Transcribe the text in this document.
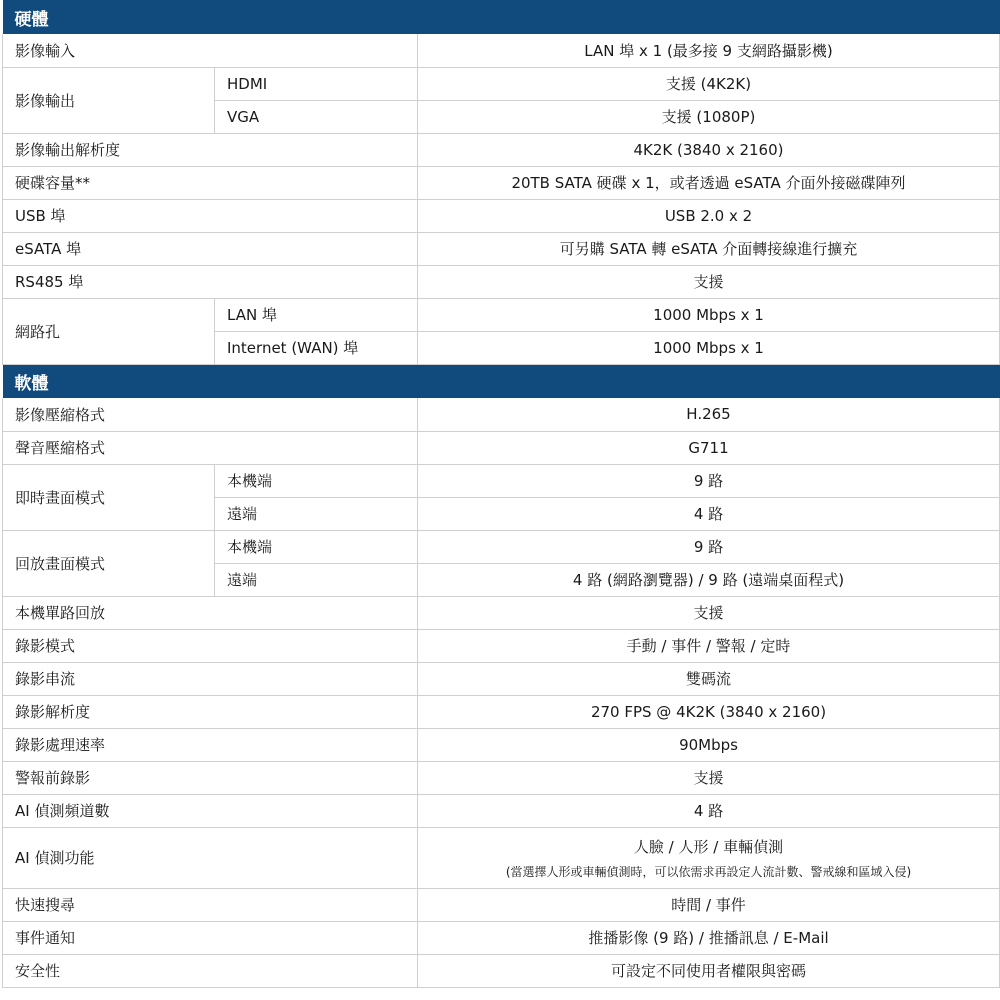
硬體		
影像輸入		LAN 埠 x 1 (最多接 9 支網路攝影機)
影像輸出	HDMI	支援 (4K2K)
	VGA	支援 (1080P)
影像輸出解析度		4K2K (3840 x 2160)
硬碟容量**		20TB SATA 硬碟 x 1，或者透過 eSATA 介面外接磁碟陣列
USB 埠		USB 2.0 x 2
eSATA 埠		可另購 SATA 轉 eSATA 介面轉接線進行擴充
RS485 埠		支援
網路孔	LAN 埠	1000 Mbps x 1
	Internet (WAN) 埠	1000 Mbps x 1
軟體		
影像壓縮格式		H.265
聲音壓縮格式		G711
即時畫面模式	本機端	9 路
	遠端	4 路
回放畫面模式	本機端	9 路
	遠端	4 路 (網路瀏覽器) / 9 路 (遠端桌面程式)
本機單路回放		支援
錄影模式		手動 / 事件 / 警報 / 定時
錄影串流		雙碼流
錄影解析度		270 FPS @ 4K2K (3840 x 2160)
錄影處理速率		90Mbps
警報前錄影		支援
AI 偵測頻道數		4 路
AI 偵測功能		人臉 / 人形 / 車輛偵測
(當選擇人形或車輛偵測時，可以依需求再設定人流計數、警戒線和區域入侵)

快速搜尋		時間 / 事件
事件通知		推播影像 (9 路) / 推播訊息 / E-Mail
安全性		可設定不同使用者權限與密碼
